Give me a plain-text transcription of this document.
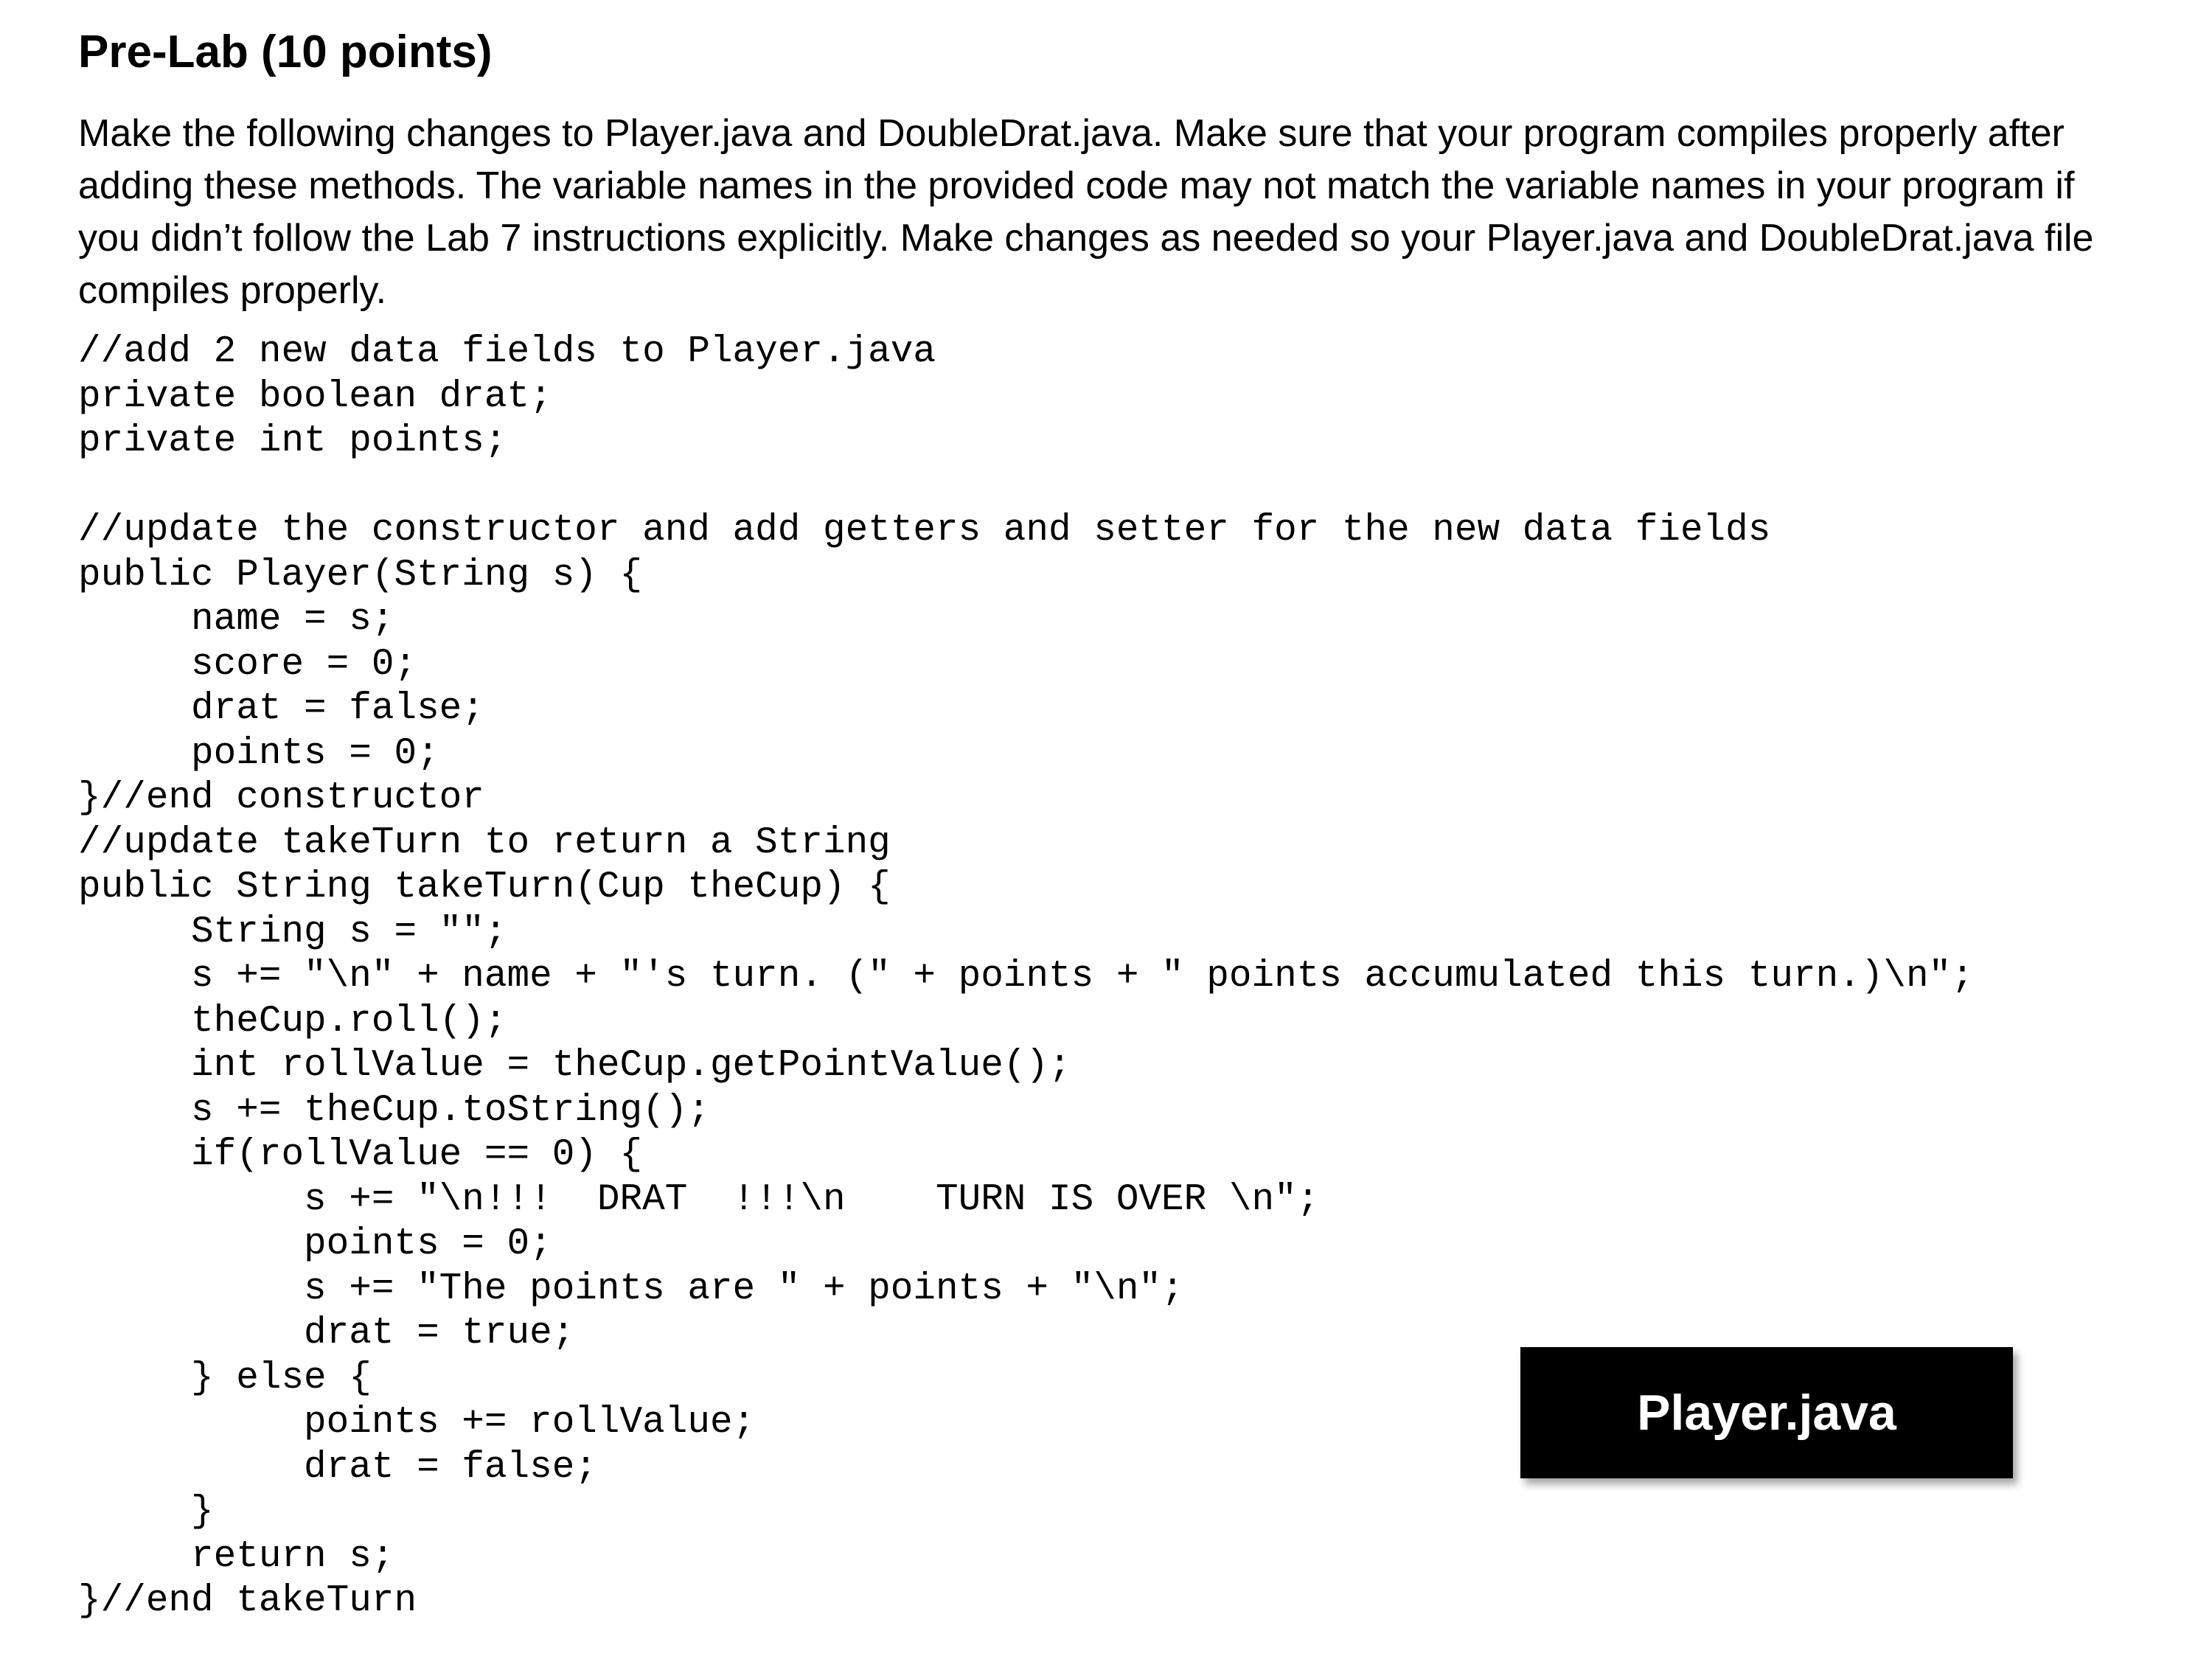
Pre-Lab (10 points)
Make the following changes to Player.java and DoubleDrat.java. Make sure that your program compiles properly after
adding these methods. The variable names in the provided code may not match the variable names in your program if
you didn’t follow the Lab 7 instructions explicitly. Make changes as needed so your Player.java and DoubleDrat.java file
compiles properly.
//add 2 new data fields to Player.java
private boolean drat;
private int points;
//update the constructor and add getters and setter for the new data fields
public Player(String s) {
name = s;
score = 0;
drat = false;
points = 0;
}//end constructor
//update takeTurn to return a String
public String takeTurn(Cup theCup) {
String s = "";
s += "\n" + name + "'s turn. (" + points + " points accumulated this turn.)\n";
theCup.roll();
int rollValue = theCup.getPointValue();
s += theCup.toString();
if(rollValue == 0) {
s += "\n!!!  DRAT  !!!\n    TURN IS OVER \n";
points = 0;
s += "The points are " + points + "\n";
drat = true;
} else {
points += rollValue;
drat = false;
}
return s;
}//end takeTurn
Player.java
